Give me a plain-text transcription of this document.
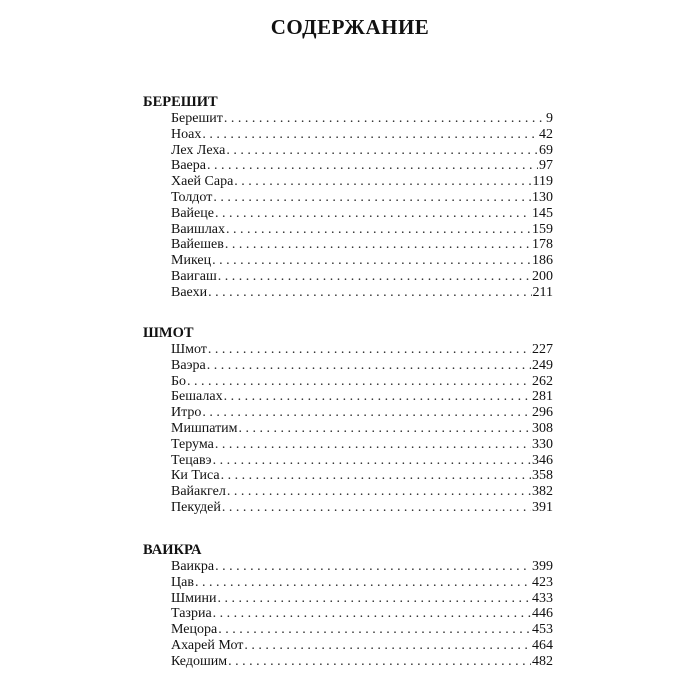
СОДЕРЖАНИЕ
БЕРЕШИТ
Берешит . . .	9
Ноах . . .	42
Лех Леха . . .	69
Ваера . . .	97
Хаей Сара . . .	119
Толдот . . .	130
Вайеце . . .	145
Ваишлах . . .	159
Вайешев . . .	178
Микец . . .	186
Ваигаш . . .	200
Ваехи . . .	211
ШМОТ
Шмот . . .	227
Ваэра . . .	249
Бо . . .	262
Бешалах . . .	281
Итро . . .	296
Мишпатим . . .	308
Терума . . .	330
Тецавэ . . .	346
Ки Тиса . . .	358
Вайакгел . . .	382
Пекудей . . .	391
ВАИКРА
Ваикра . . .	399
Цав . . .	423
Шмини . . .	433
Тазриа . . .	446
Мецора . . .	453
Ахарей Мот . . .	464
Кедошим . . .	482
